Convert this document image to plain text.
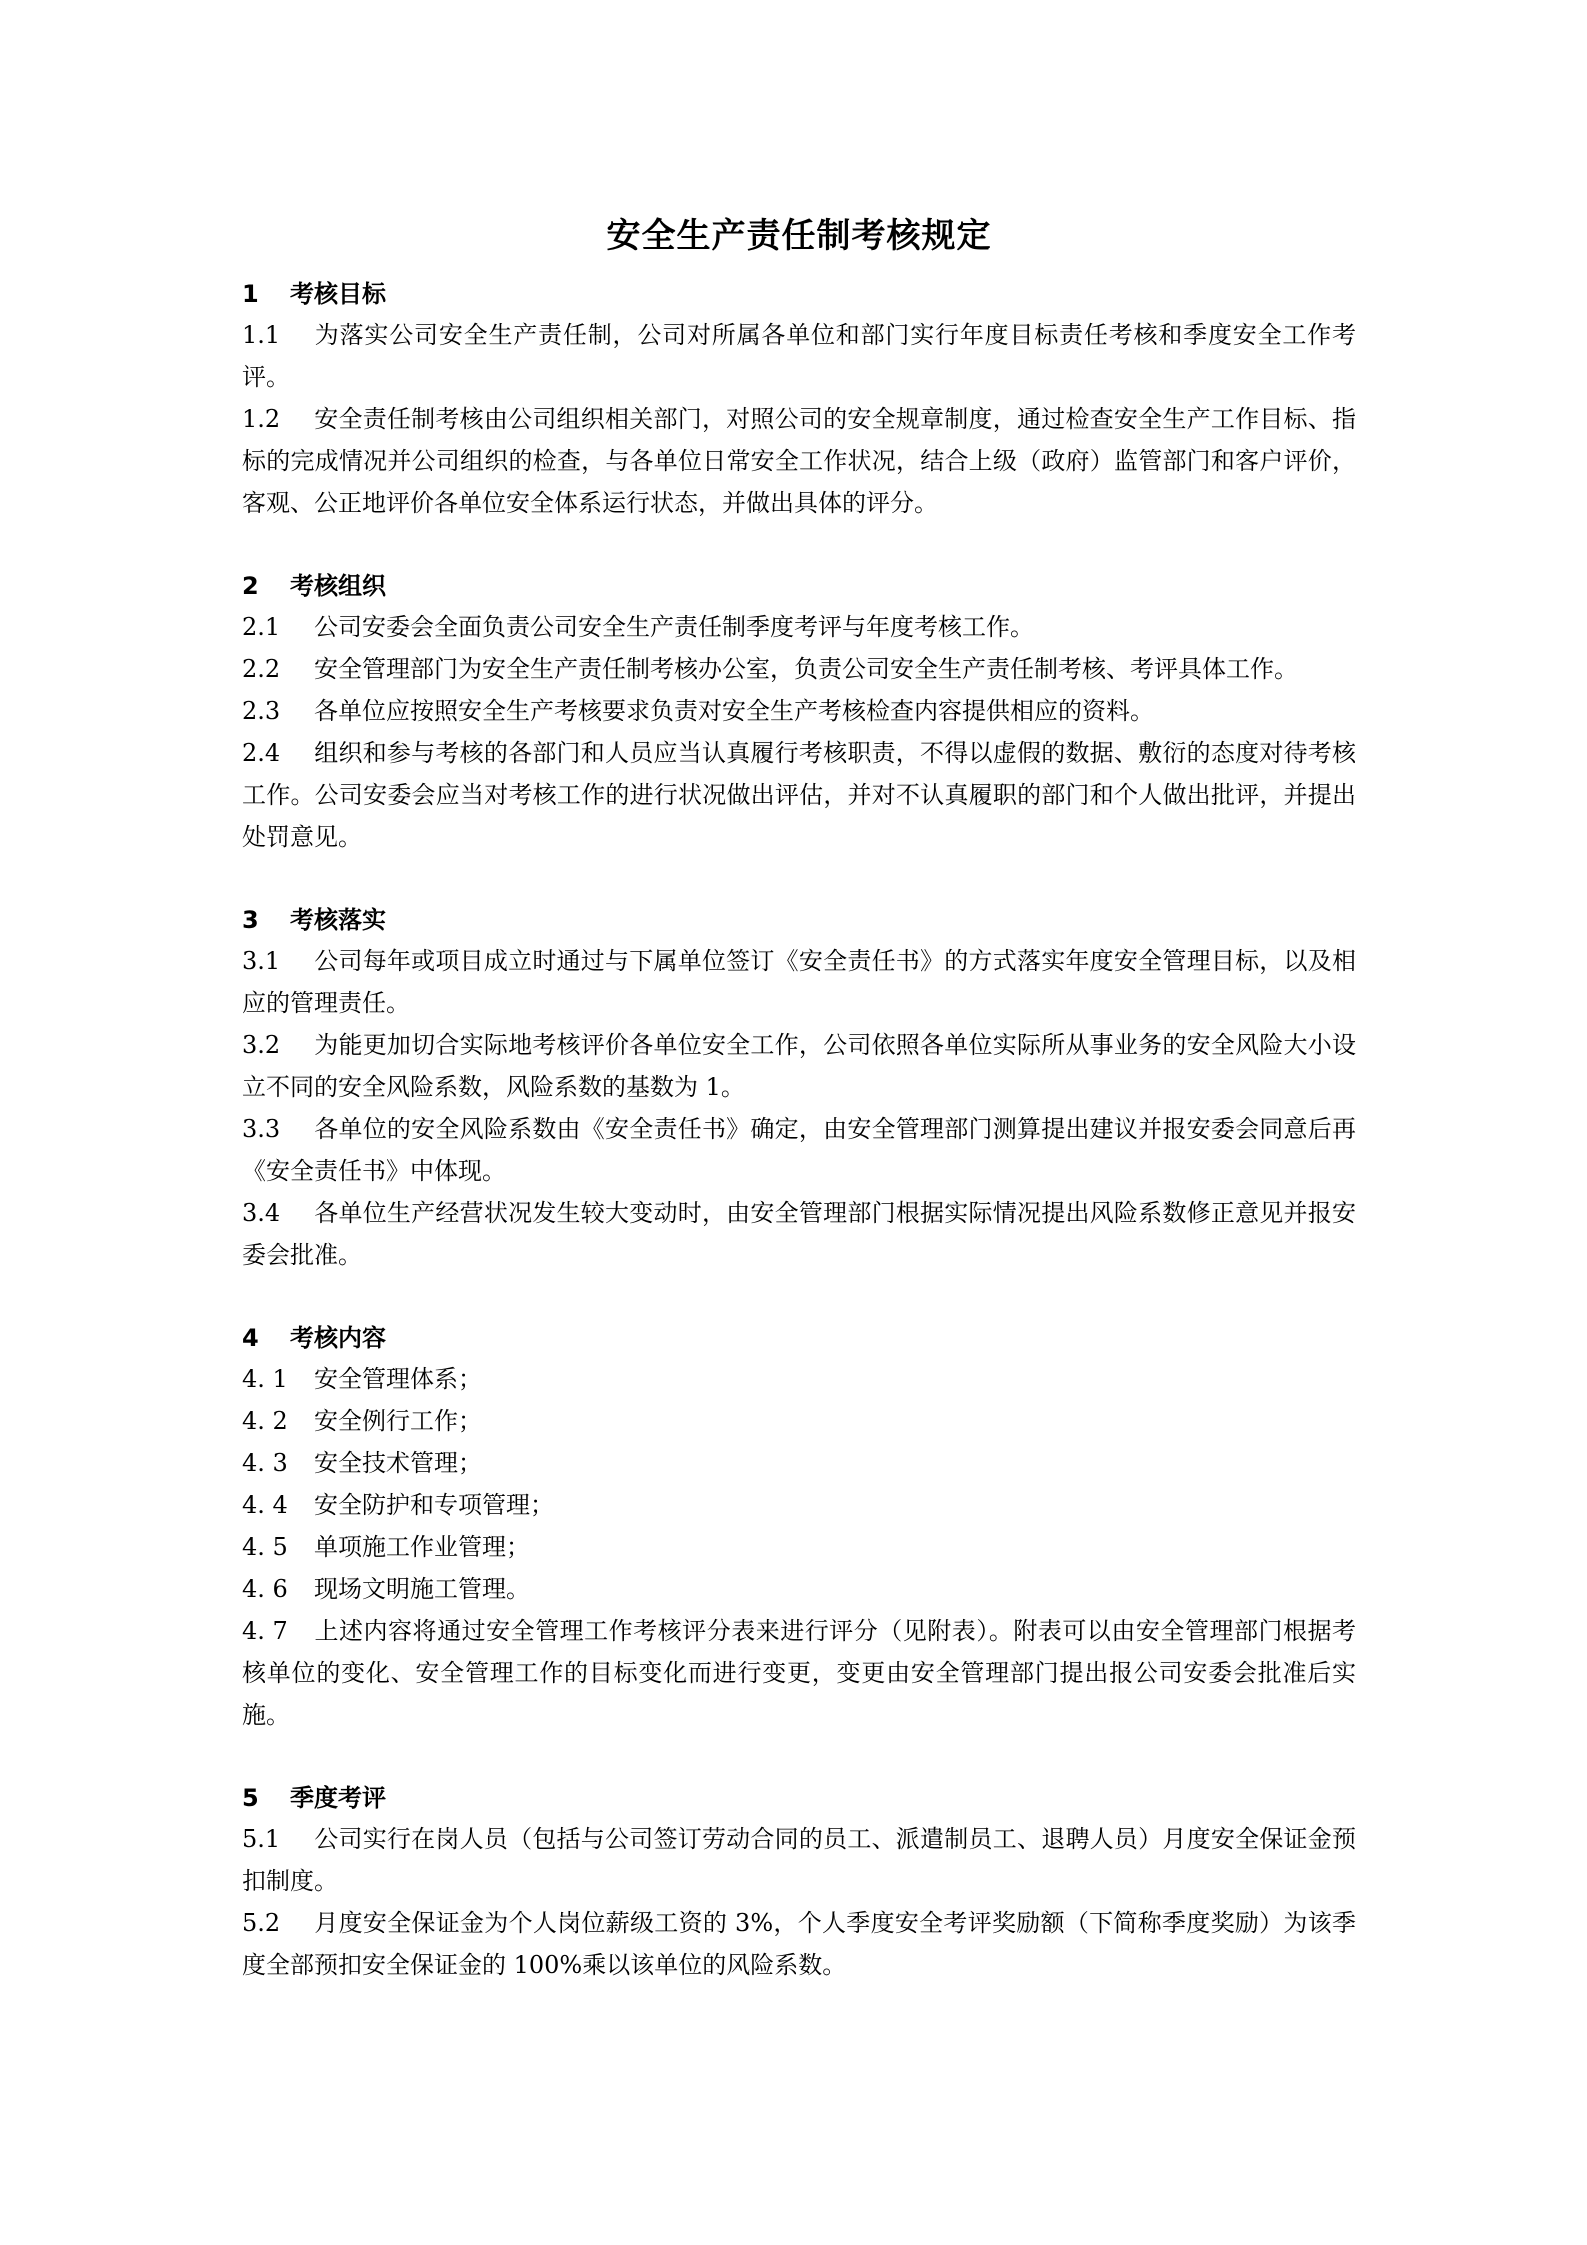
安全生产责任制考核规定
1	考核目标

1.1 为落实公司安全生产责任制，公司对所属各单位和部门实行年度目标责任考核和季度安全工作考评。

1.2 安全责任制考核由公司组织相关部门，对照公司的安全规章制度，通过检查安全生产工作目标、指标的完成情况并公司组织的检查，与各单位日常安全工作状况，结合上级（政府）监管部门和客户评价，客观、公正地评价各单位安全体系运行状态，并做出具体的评分。

2	考核组织

2.1 公司安委会全面负责公司安全生产责任制季度考评与年度考核工作。

2.2 安全管理部门为安全生产责任制考核办公室，负责公司安全生产责任制考核、考评具体工作。

2.3 各单位应按照安全生产考核要求负责对安全生产考核检查内容提供相应的资料。

2.4 组织和参与考核的各部门和人员应当认真履行考核职责，不得以虚假的数据、敷衍的态度对待考核工作。公司安委会应当对考核工作的进行状况做出评估，并对不认真履职的部门和个人做出批评，并提出处罚意见。

3	考核落实

3.1 公司每年或项目成立时通过与下属单位签订《安全责任书》的方式落实年度安全管理目标，以及相应的管理责任。

3.2 为能更加切合实际地考核评价各单位安全工作，公司依照各单位实际所从事业务的安全风险大小设立不同的安全风险系数，风险系数的基数为 1。

3.3 各单位的安全风险系数由《安全责任书》确定，由安全管理部门测算提出建议并报安委会同意后再《安全责任书》中体现。

3.4 各单位生产经营状况发生较大变动时，由安全管理部门根据实际情况提出风险系数修正意见并报安委会批准。

4	考核内容

4. 1 安全管理体系；

4. 2 安全例行工作；

4. 3 安全技术管理；

4. 4 安全防护和专项管理；

4. 5 单项施工作业管理；

4. 6 现场文明施工管理。

4. 7 上述内容将通过安全管理工作考核评分表来进行评分（见附表）。附表可以由安全管理部门根据考核单位的变化、安全管理工作的目标变化而进行变更，变更由安全管理部门提出报公司安委会批准后实施。

5	季度考评

5.1 公司实行在岗人员（包括与公司签订劳动合同的员工、派遣制员工、退聘人员）月度安全保证金预扣制度。

5.2 月度安全保证金为个人岗位薪级工资的 3%，个人季度安全考评奖励额（下简称季度奖励）为该季度全部预扣安全保证金的 100%乘以该单位的风险系数。
